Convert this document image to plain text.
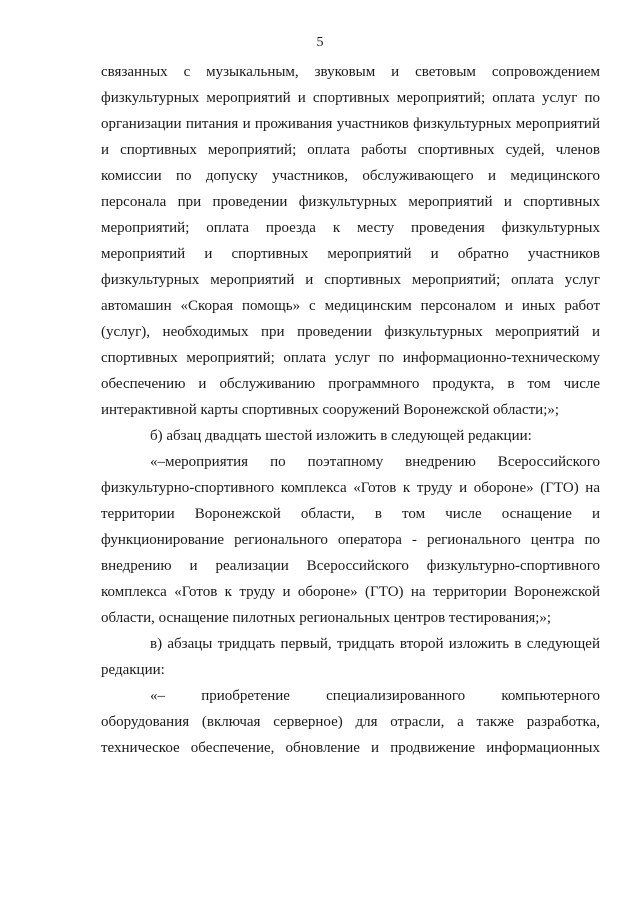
5
связанных с музыкальным, звуковым и световым сопровождением
физкультурных мероприятий и спортивных мероприятий; оплата услуг по
организации питания и проживания участников физкультурных мероприятий
и спортивных мероприятий; оплата работы спортивных судей, членов
комиссии по допуску участников, обслуживающего и медицинского
персонала при проведении физкультурных мероприятий и спортивных
мероприятий; оплата проезда к месту проведения физкультурных
мероприятий и спортивных мероприятий и обратно участников
физкультурных мероприятий и спортивных мероприятий; оплата услуг
автомашин «Скорая помощь» с медицинским персоналом и иных работ
(услуг), необходимых при проведении физкультурных мероприятий и
спортивных мероприятий; оплата услуг по информационно-техническому
обеспечению и обслуживанию программного продукта, в том числе
интерактивной карты спортивных сооружений Воронежской области;»;
б) абзац двадцать шестой изложить в следующей редакции:
«–мероприятия по поэтапному внедрению Всероссийского
физкультурно-спортивного комплекса «Готов к труду и обороне» (ГТО) на
территории Воронежской области, в том числе оснащение и
функционирование регионального оператора - регионального центра по
внедрению и реализации Всероссийского физкультурно-спортивного
комплекса «Готов к труду и обороне» (ГТО) на территории Воронежской
области, оснащение пилотных региональных центров тестирования;»;
в) абзацы тридцать первый, тридцать второй изложить в следующей
редакции:
«– приобретение специализированного компьютерного
оборудования (включая серверное) для отрасли, а также разработка,
техническое обеспечение, обновление и продвижение информационных
